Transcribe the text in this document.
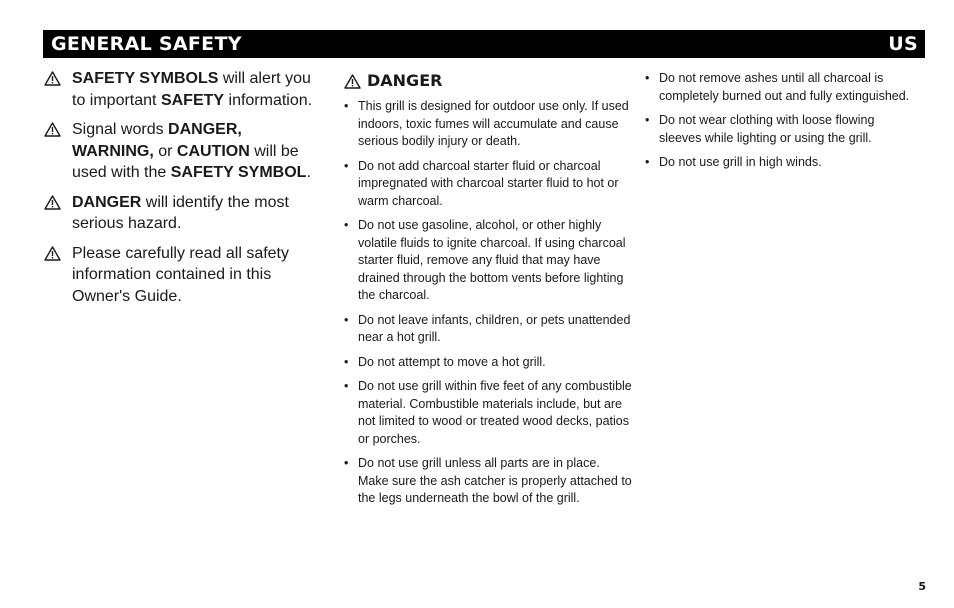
GENERAL SAFETY	US
SAFETY SYMBOLS will alert you to important SAFETY information.
Signal words DANGER, WARNING, or CAUTION will be used with the SAFETY SYMBOL.
DANGER will identify the most serious hazard.
Please carefully read all safety information contained in this Owner's Guide.
DANGER
• This grill is designed for outdoor use only. If used indoors, toxic fumes will accumulate and cause serious bodily injury or death.
• Do not add charcoal starter fluid or charcoal impregnated with charcoal starter fluid to hot or warm charcoal.
• Do not use gasoline, alcohol, or other highly volatile fluids to ignite charcoal. If using charcoal starter fluid, remove any fluid that may have drained through the bottom vents before lighting the charcoal.
• Do not leave infants, children, or pets unattended near a hot grill.
• Do not attempt to move a hot grill.
• Do not use grill within five feet of any combustible material. Combustible materials include, but are not limited to wood or treated wood decks, patios or porches.
• Do not use grill unless all parts are in place. Make sure the ash catcher is properly attached to the legs underneath the bowl of the grill.
• Do not remove ashes until all charcoal is completely burned out and fully extinguished.
• Do not wear clothing with loose flowing sleeves while lighting or using the grill.
• Do not use grill in high winds.
5
